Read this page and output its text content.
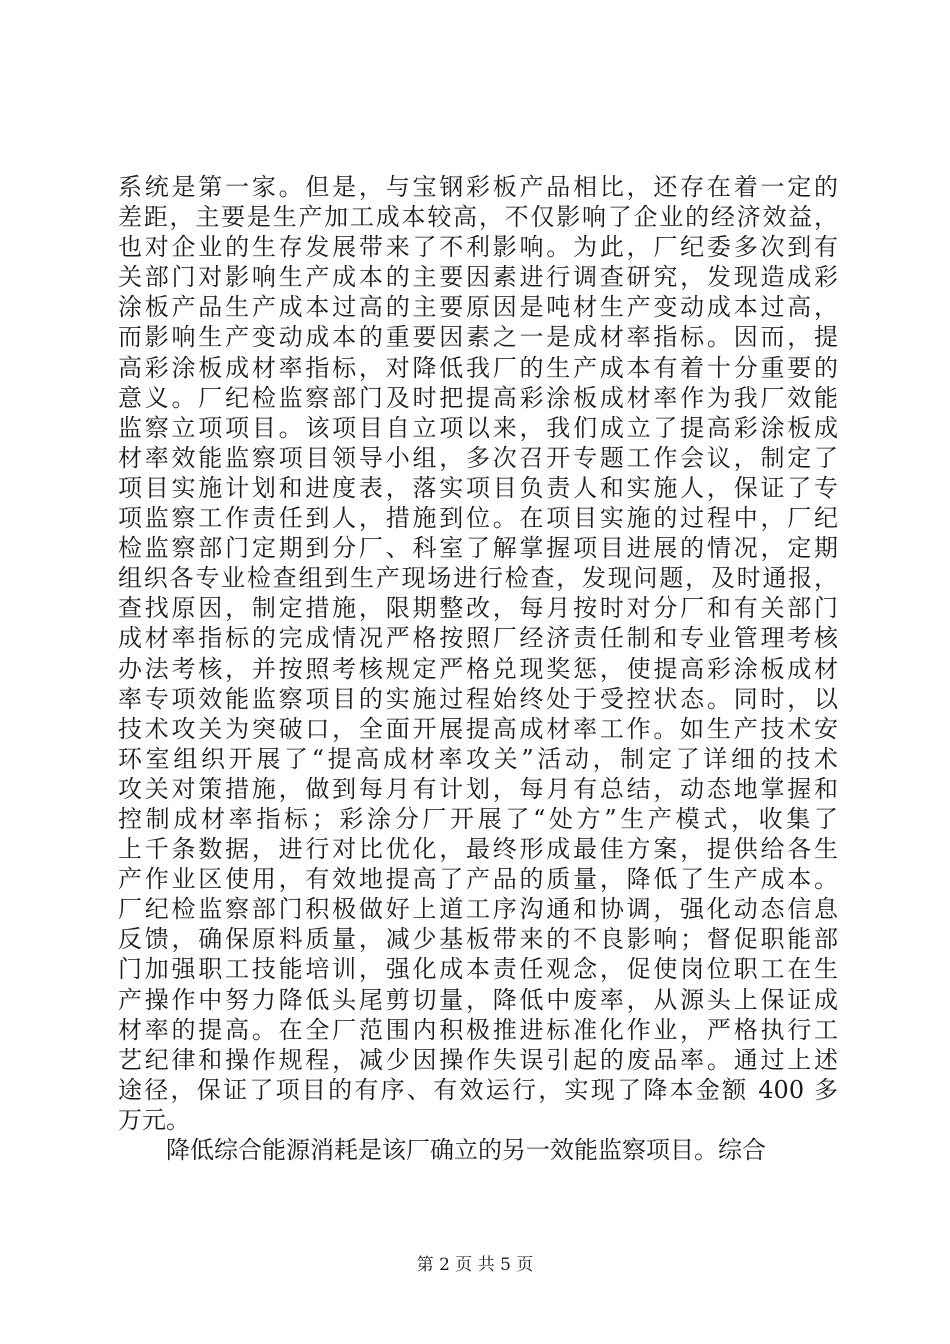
系统是第一家。但是，与宝钢彩板产品相比，还存在着一定的
差距，主要是生产加工成本较高，不仅影响了企业的经济效益，
也对企业的生存发展带来了不利影响。为此，厂纪委多次到有
关部门对影响生产成本的主要因素进行调查研究，发现造成彩
涂板产品生产成本过高的主要原因是吨材生产变动成本过高，
而影响生产变动成本的重要因素之一是成材率指标。因而，提
高彩涂板成材率指标，对降低我厂的生产成本有着十分重要的
意义。厂纪检监察部门及时把提高彩涂板成材率作为我厂效能
监察立项项目。该项目自立项以来，我们成立了提高彩涂板成
材率效能监察项目领导小组，多次召开专题工作会议，制定了
项目实施计划和进度表，落实项目负责人和实施人，保证了专
项监察工作责任到人，措施到位。在项目实施的过程中，厂纪
检监察部门定期到分厂、科室了解掌握项目进展的情况，定期
组织各专业检查组到生产现场进行检查，发现问题，及时通报，
查找原因，制定措施，限期整改，每月按时对分厂和有关部门
成材率指标的完成情况严格按照厂经济责任制和专业管理考核
办法考核，并按照考核规定严格兑现奖惩，使提高彩涂板成材
率专项效能监察项目的实施过程始终处于受控状态。同时，以
技术攻关为突破口，全面开展提高成材率工作。如生产技术安
环室组织开展了“提高成材率攻关”活动，制定了详细的技术
攻关对策措施，做到每月有计划，每月有总结，动态地掌握和
控制成材率指标；彩涂分厂开展了“处方”生产模式，收集了
上千条数据，进行对比优化，最终形成最佳方案，提供给各生
产作业区使用，有效地提高了产品的质量，降低了生产成本。
厂纪检监察部门积极做好上道工序沟通和协调，强化动态信息
反馈，确保原料质量，减少基板带来的不良影响；督促职能部
门加强职工技能培训，强化成本责任观念，促使岗位职工在生
产操作中努力降低头尾剪切量，降低中废率，从源头上保证成
材率的提高。在全厂范围内积极推进标准化作业，严格执行工
艺纪律和操作规程，减少因操作失误引起的废品率。通过上述
途径，保证了项目的有序、有效运行，实现了降本金额 400 多
万元。
降低综合能源消耗是该厂确立的另一效能监察项目。综合
第 2 页 共 5 页
